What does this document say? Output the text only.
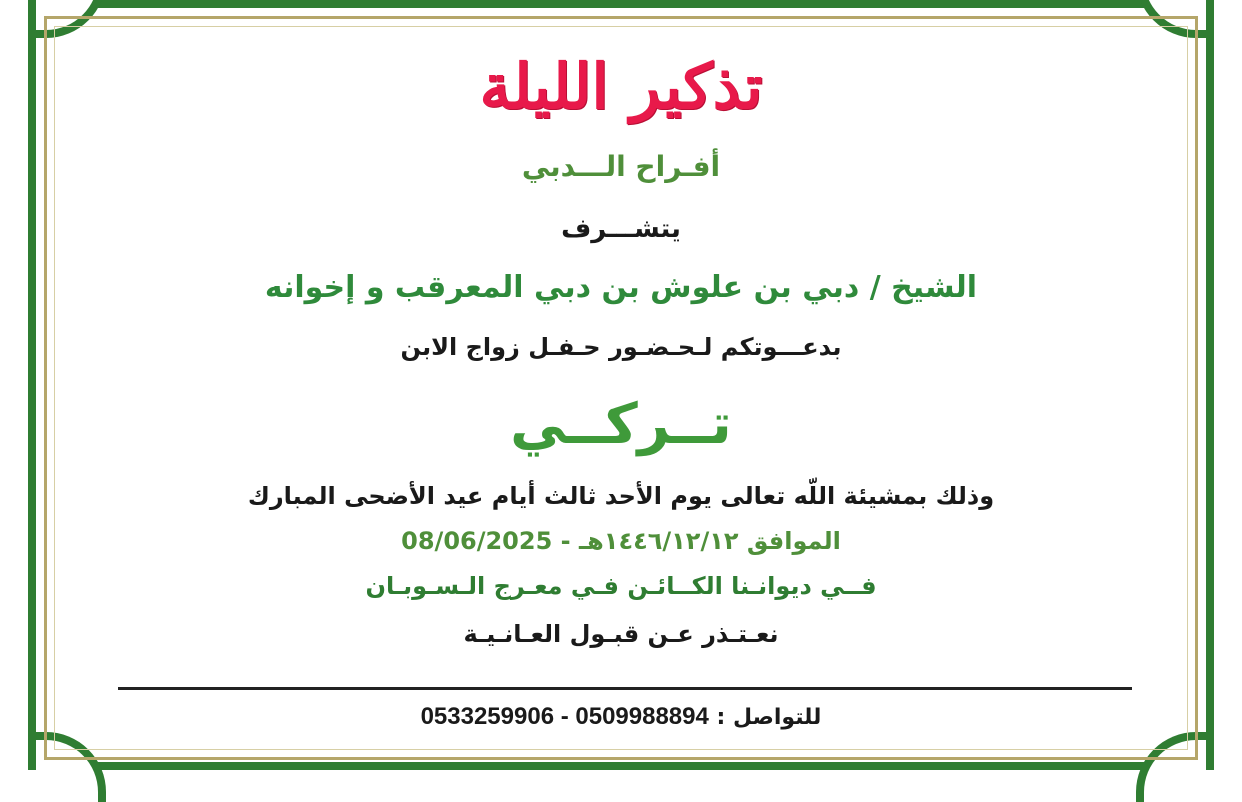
تذكير الليلة
أفـراح الـــدبي
يتشـــرف
الشيخ / دبي بن علوش بن دبي المعرقب و إخوانه
بدعـــوتكم لـحـضـور حـفـل زواج الابن
تــركــي
وذلك بمشيئة اللّه تعالى يوم الأحد ثالث أيام عيد الأضحى المبارك
الموافق ١٤٤٦/١٢/١٢هـ - 08/06/2025
فــي ديوانـنا الكــائـن فـي معـرج الـسـوبـان
نعـتـذر عـن قبـول العـانـيـة
للتواصل : 0533259906 - 0509988894
